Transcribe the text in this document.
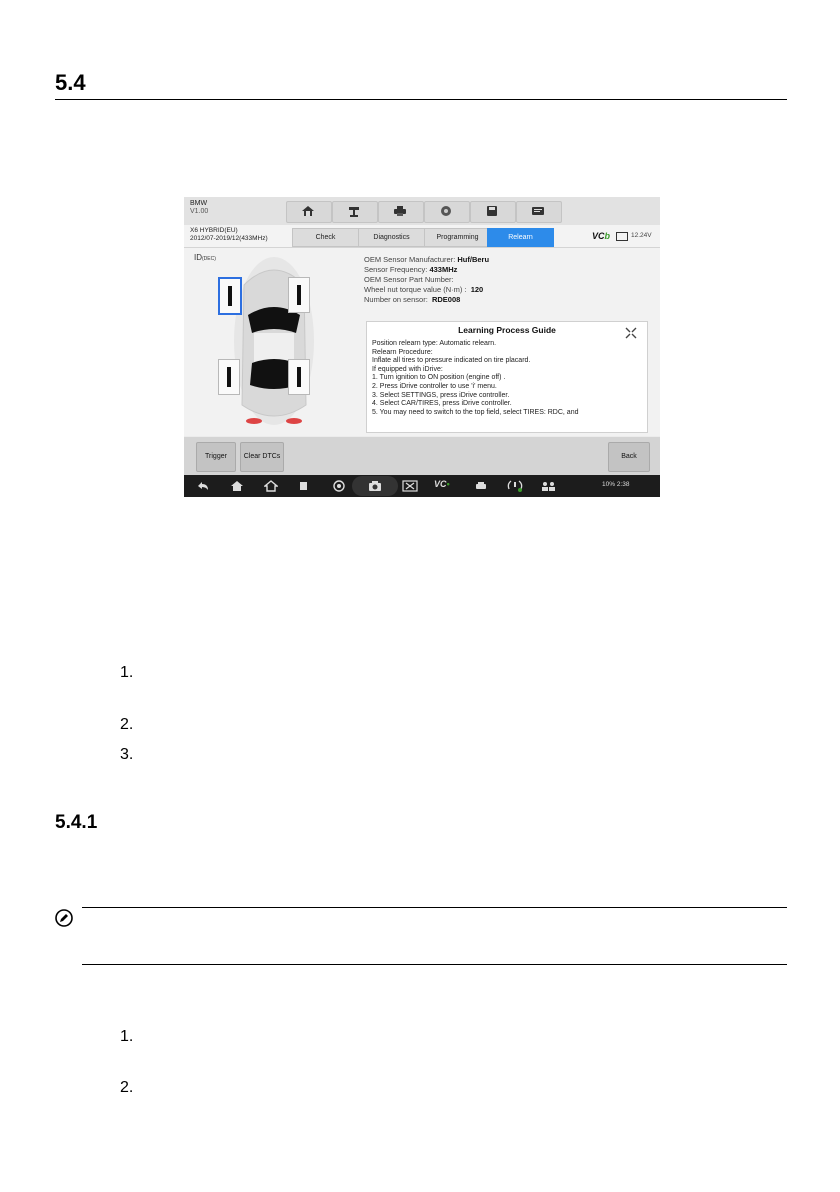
5.4
BMW
V1.00
X6 HYBRID(EU)
2012/07-2019/12(433MHz)	Check	Diagnostics	Programming	Relearn	VCb	12.24V
ID(DEC)	OEM Sensor Manufacturer: Huf/Beru
Sensor Frequency: 433MHz
OEM Sensor Part Number:
Wheel nut torque value (N·m) : 120
Number on sensor: RDE008
Learning Process Guide
Position relearn type: Automatic relearn.
Relearn Procedure:
Inflate all tires to pressure indicated on tire placard.
If equipped with iDrive:
1. Turn ignition to ON position (engine off) .
2. Press iDrive controller to use 'i' menu.
3. Select SETTINGS, press iDrive controller.
4. Select CAR/TIRES, press iDrive controller.
5. You may need to switch to the top field, select TIRES: RDC, and
Trigger	Clear DTCs	Back
VC•	10% 2:38
1.
2.
3.
5.4.1
1.
2.
